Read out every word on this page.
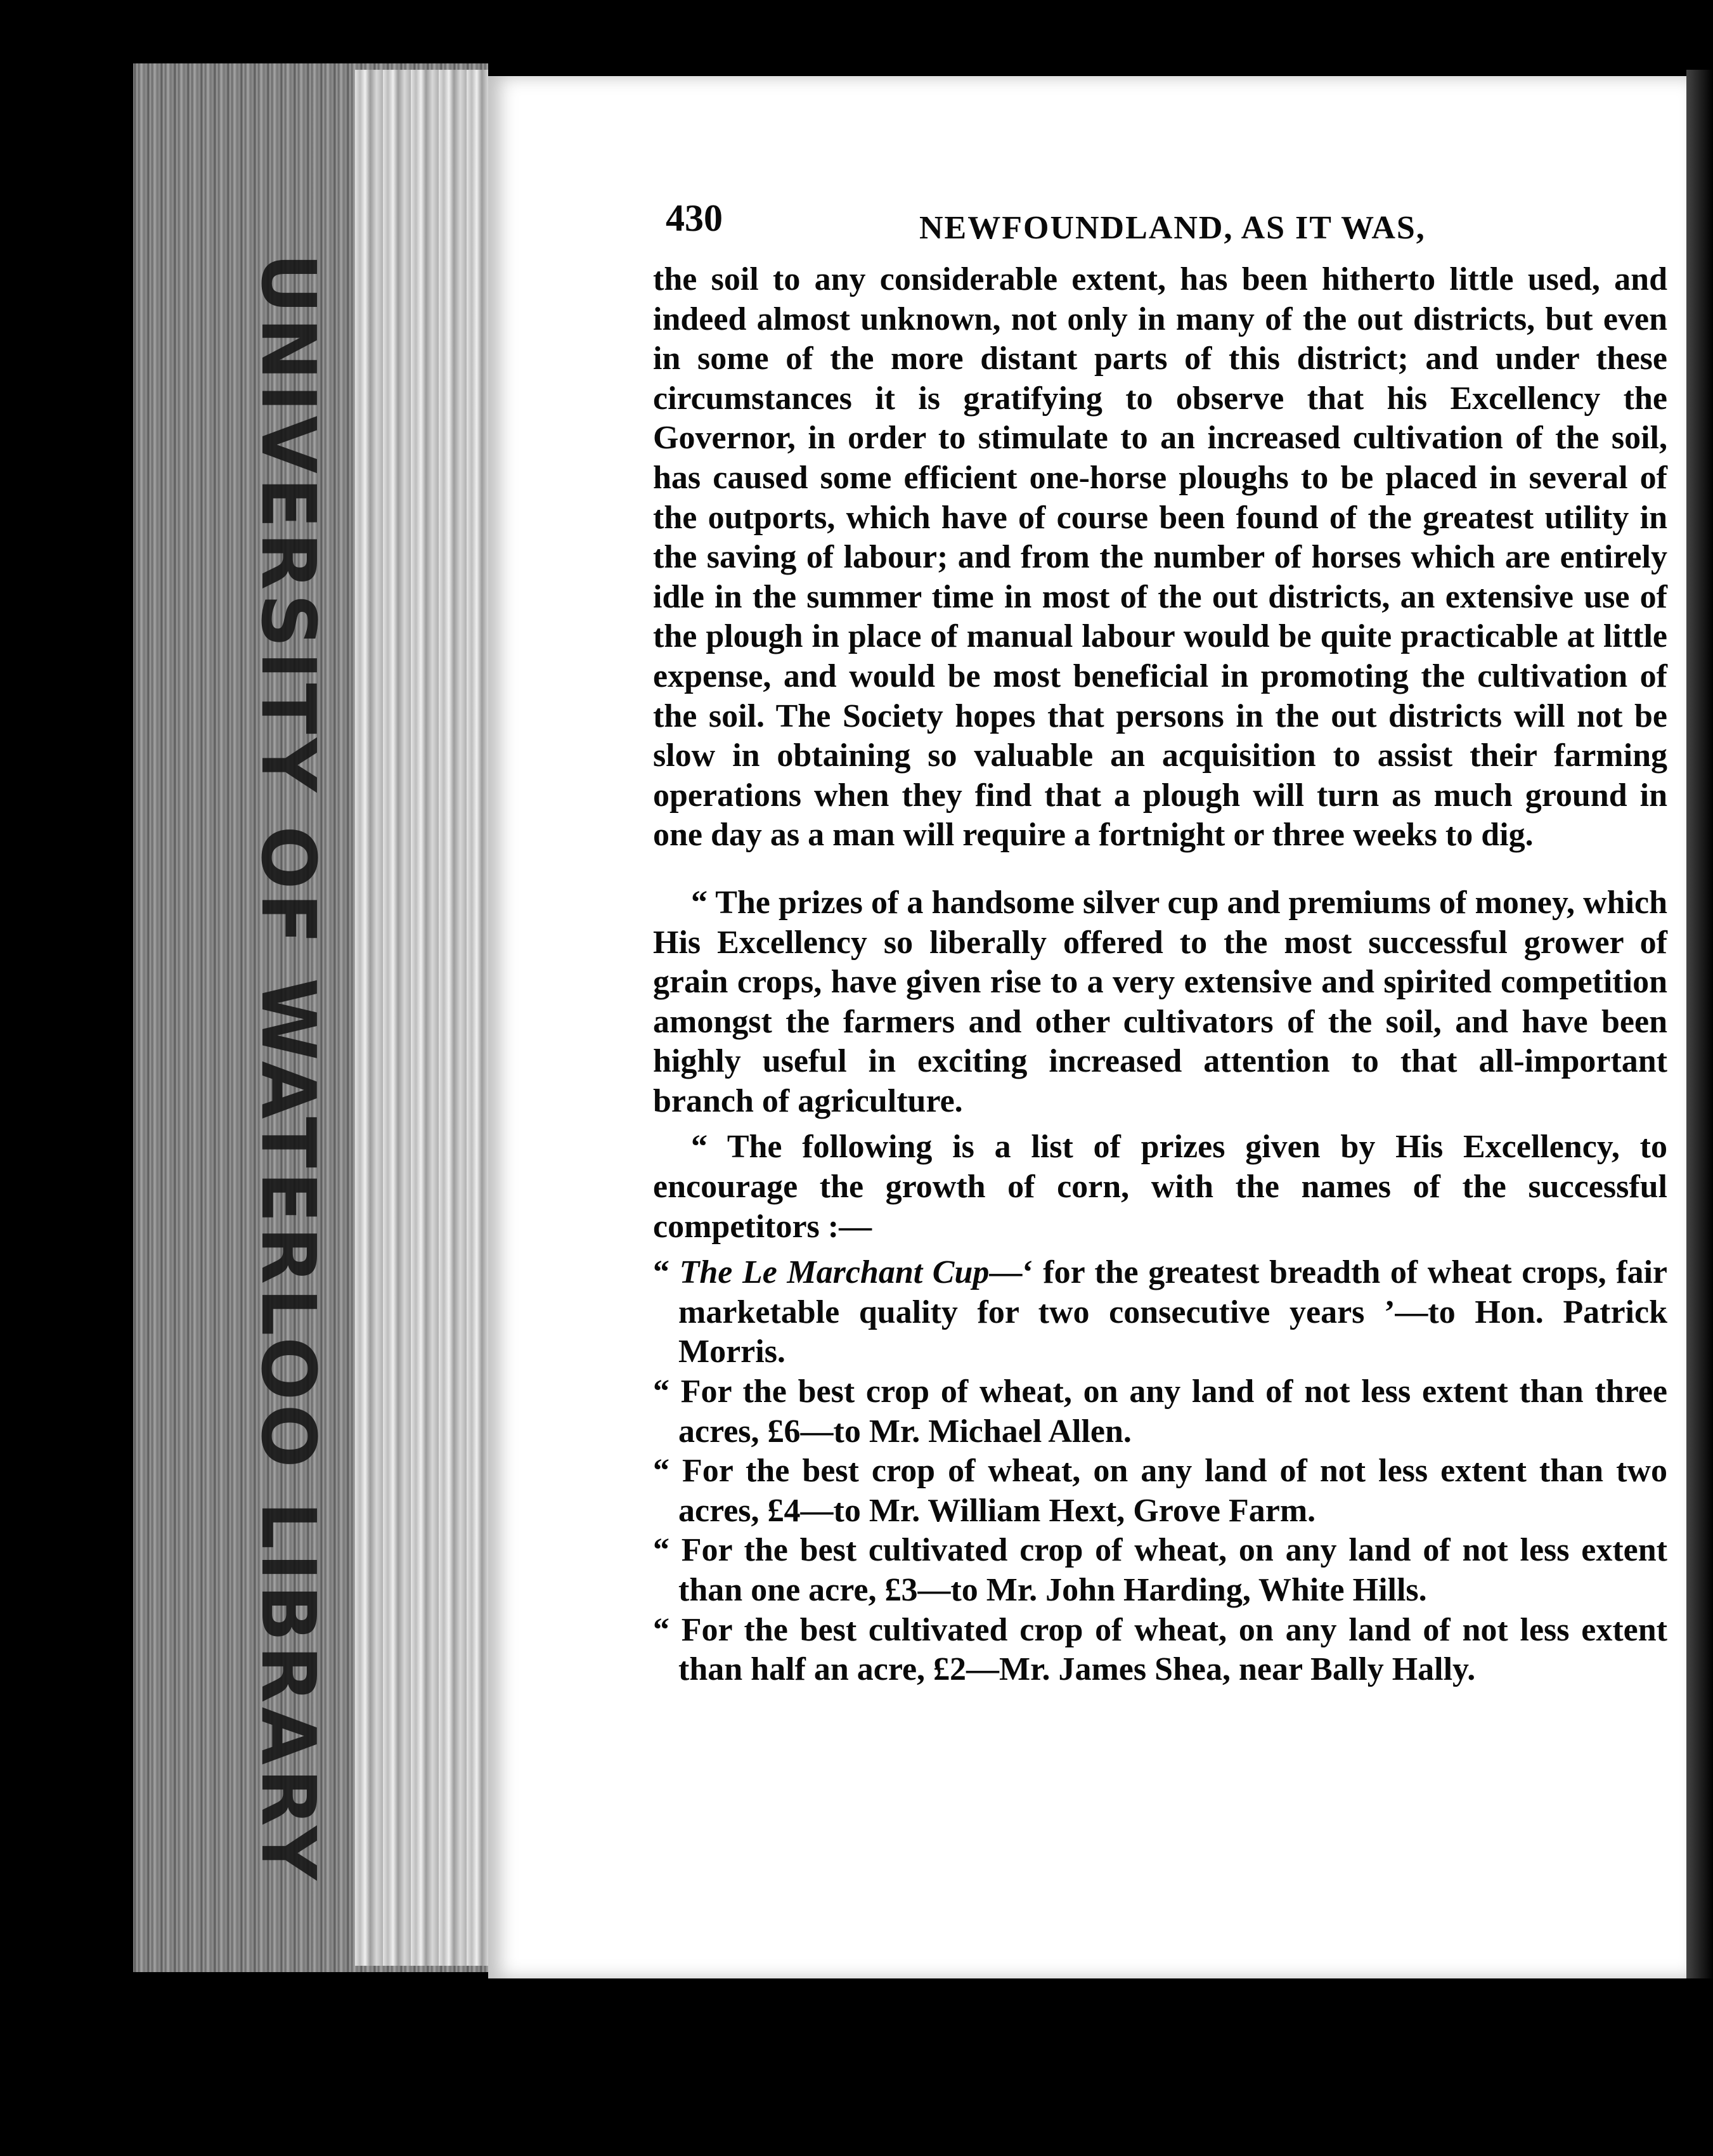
UNIVERSITY OF WATERLOO LIBRARY
430	NEWFOUNDLAND, AS IT WAS,

the soil to any considerable extent, has been hitherto little used, and indeed almost unknown, not only in many of the out districts, but even in some of the more distant parts of this district; and under these circumstances it is gratifying to observe that his Excellency the Governor, in order to stimulate to an increased cultivation of the soil, has caused some efficient one-horse ploughs to be placed in several of the outports, which have of course been found of the greatest utility in the saving of labour; and from the number of horses which are entirely idle in the summer time in most of the out districts, an extensive use of the plough in place of manual labour would be quite practicable at little expense, and would be most beneficial in promoting the cultivation of the soil. The Society hopes that persons in the out districts will not be slow in obtaining so valuable an acquisition to assist their farming operations when they find that a plough will turn as much ground in one day as a man will require a fortnight or three weeks to dig.

“ The prizes of a handsome silver cup and premiums of money, which His Excellency so liberally offered to the most successful grower of grain crops, have given rise to a very extensive and spirited competition amongst the farmers and other cultivators of the soil, and have been highly useful in exciting increased attention to that all-important branch of agriculture.

“ The following is a list of prizes given by His Excellency, to encourage the growth of corn, with the names of the successful competitors :—

“ The Le Marchant Cup—‘ for the greatest breadth of wheat crops, fair marketable quality for two consecutive years ’—to Hon. Patrick Morris.

“ For the best crop of wheat, on any land of not less extent than three acres, £6—to Mr. Michael Allen.

“ For the best crop of wheat, on any land of not less extent than two acres, £4—to Mr. William Hext, Grove Farm.

“ For the best cultivated crop of wheat, on any land of not less extent than one acre, £3—to Mr. John Harding, White Hills.

“ For the best cultivated crop of wheat, on any land of not less extent than half an acre, £2—Mr. James Shea, near Bally Hally.
